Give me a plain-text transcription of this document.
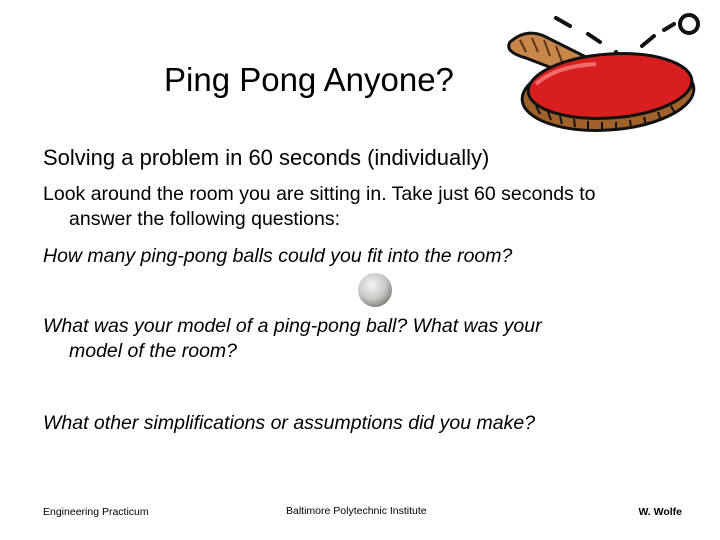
Ping Pong Anyone?
Solving a problem in 60 seconds (individually)
Look around the room you are sitting in. Take just 60 seconds to
answer the following questions:
How many ping-pong balls could you fit into the room?
What was your model of a ping-pong ball? What was your
model of the room?
What other simplifications or assumptions did you make?
Engineering Practicum	Baltimore Polytechnic Institute	W. Wolfe
